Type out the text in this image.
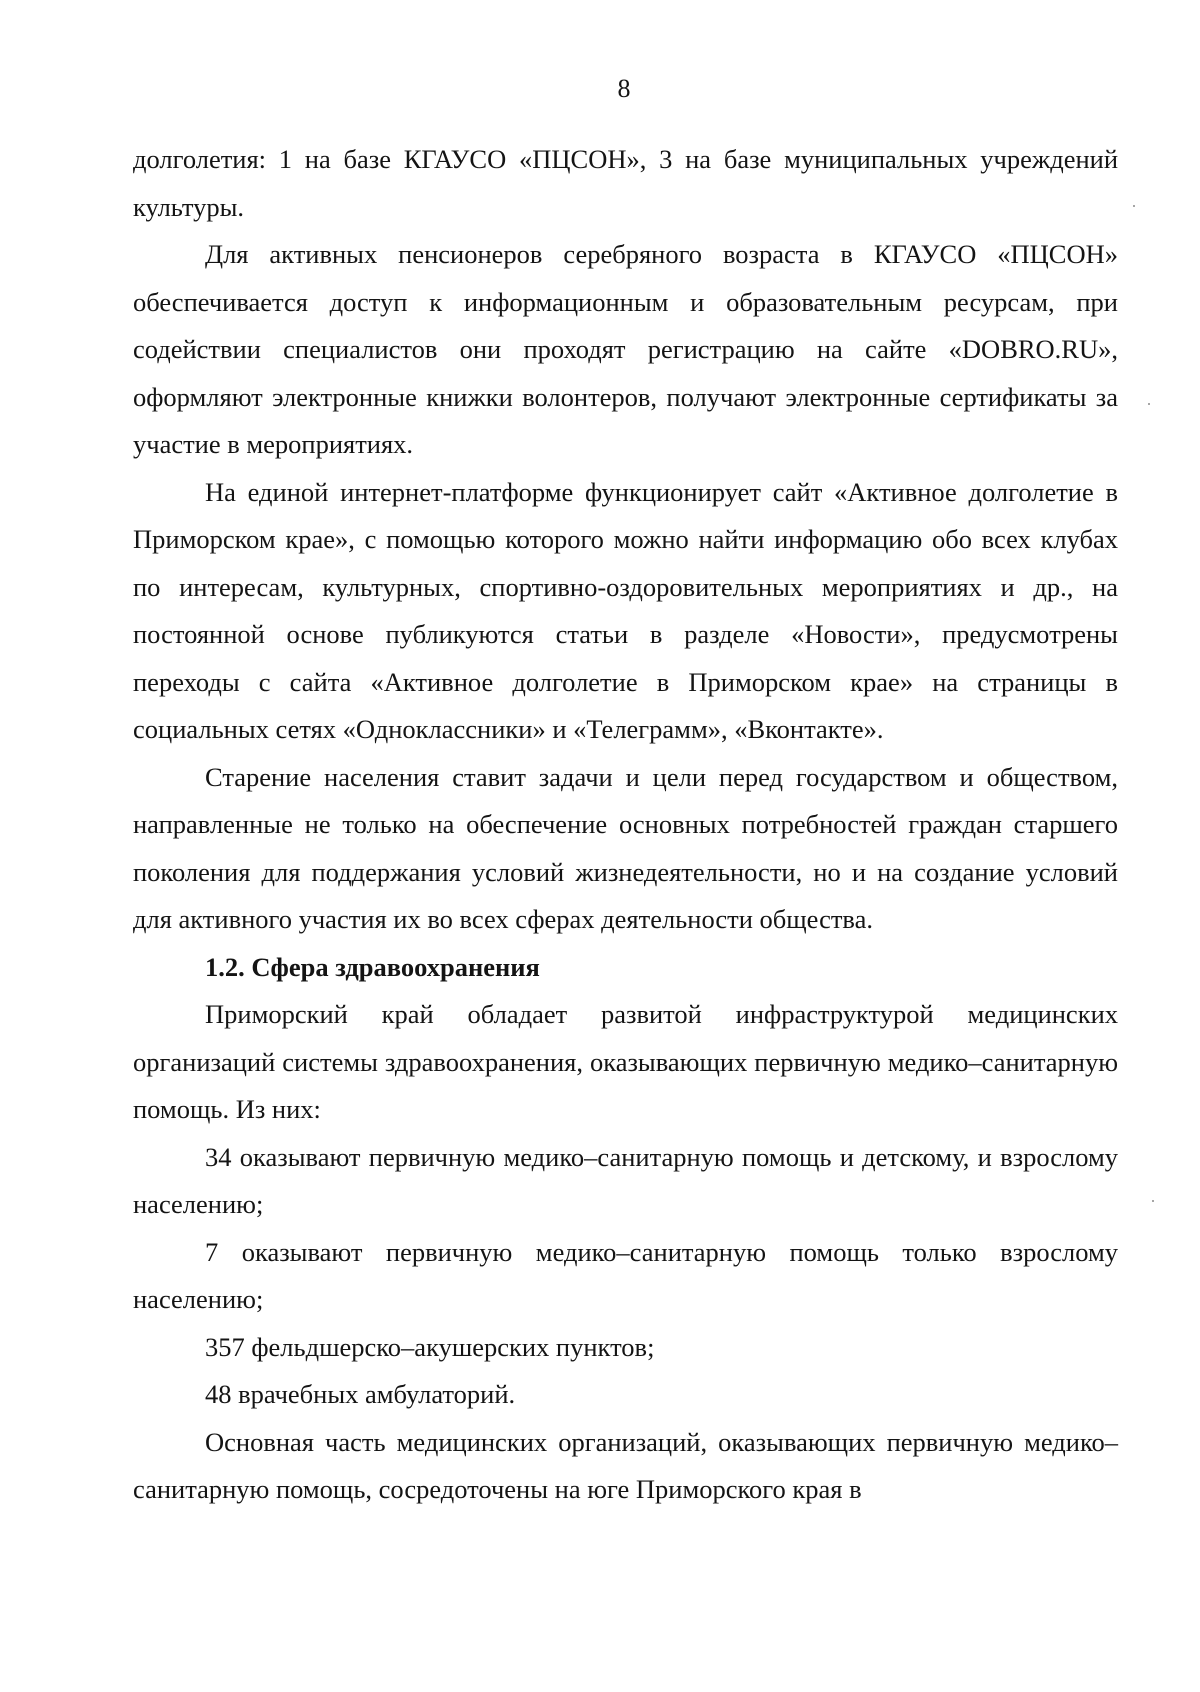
8

долголетия: 1 на базе КГАУСО «ПЦСОН», 3 на базе муниципальных учреждений культуры.

Для активных пенсионеров серебряного возраста в КГАУСО «ПЦСОН» обеспечивается доступ к информационным и образовательным ресурсам, при содействии специалистов они проходят регистрацию на сайте «DOBRO.RU», оформляют электронные книжки волонтеров, получают электронные сертификаты за участие в мероприятиях.

На единой интернет-платформе функционирует сайт «Активное долголетие в Приморском крае», с помощью которого можно найти информацию обо всех клубах по интересам, культурных, спортивно-оздоровительных мероприятиях и др., на постоянной основе публикуются статьи в разделе «Новости», предусмотрены переходы с сайта «Активное долголетие в Приморском крае» на страницы в социальных сетях «Одноклассники» и «Телеграмм», «Вконтакте».

Старение населения ставит задачи и цели перед государством и обществом, направленные не только на обеспечение основных потребностей граждан старшего поколения для поддержания условий жизнедеятельности, но и на создание условий для активного участия их во всех сферах деятельности общества.

1.2. Сфера здравоохранения

Приморский край обладает развитой инфраструктурой медицинских организаций системы здравоохранения, оказывающих первичную медико–санитарную помощь. Из них:

34 оказывают первичную медико–санитарную помощь и детскому, и взрослому населению;

7 оказывают первичную медико–санитарную помощь только взрослому населению;

357 фельдшерско–акушерских пунктов;

48 врачебных амбулаторий.

Основная часть медицинских организаций, оказывающих первичную медико–санитарную помощь, сосредоточены на юге Приморского края в
